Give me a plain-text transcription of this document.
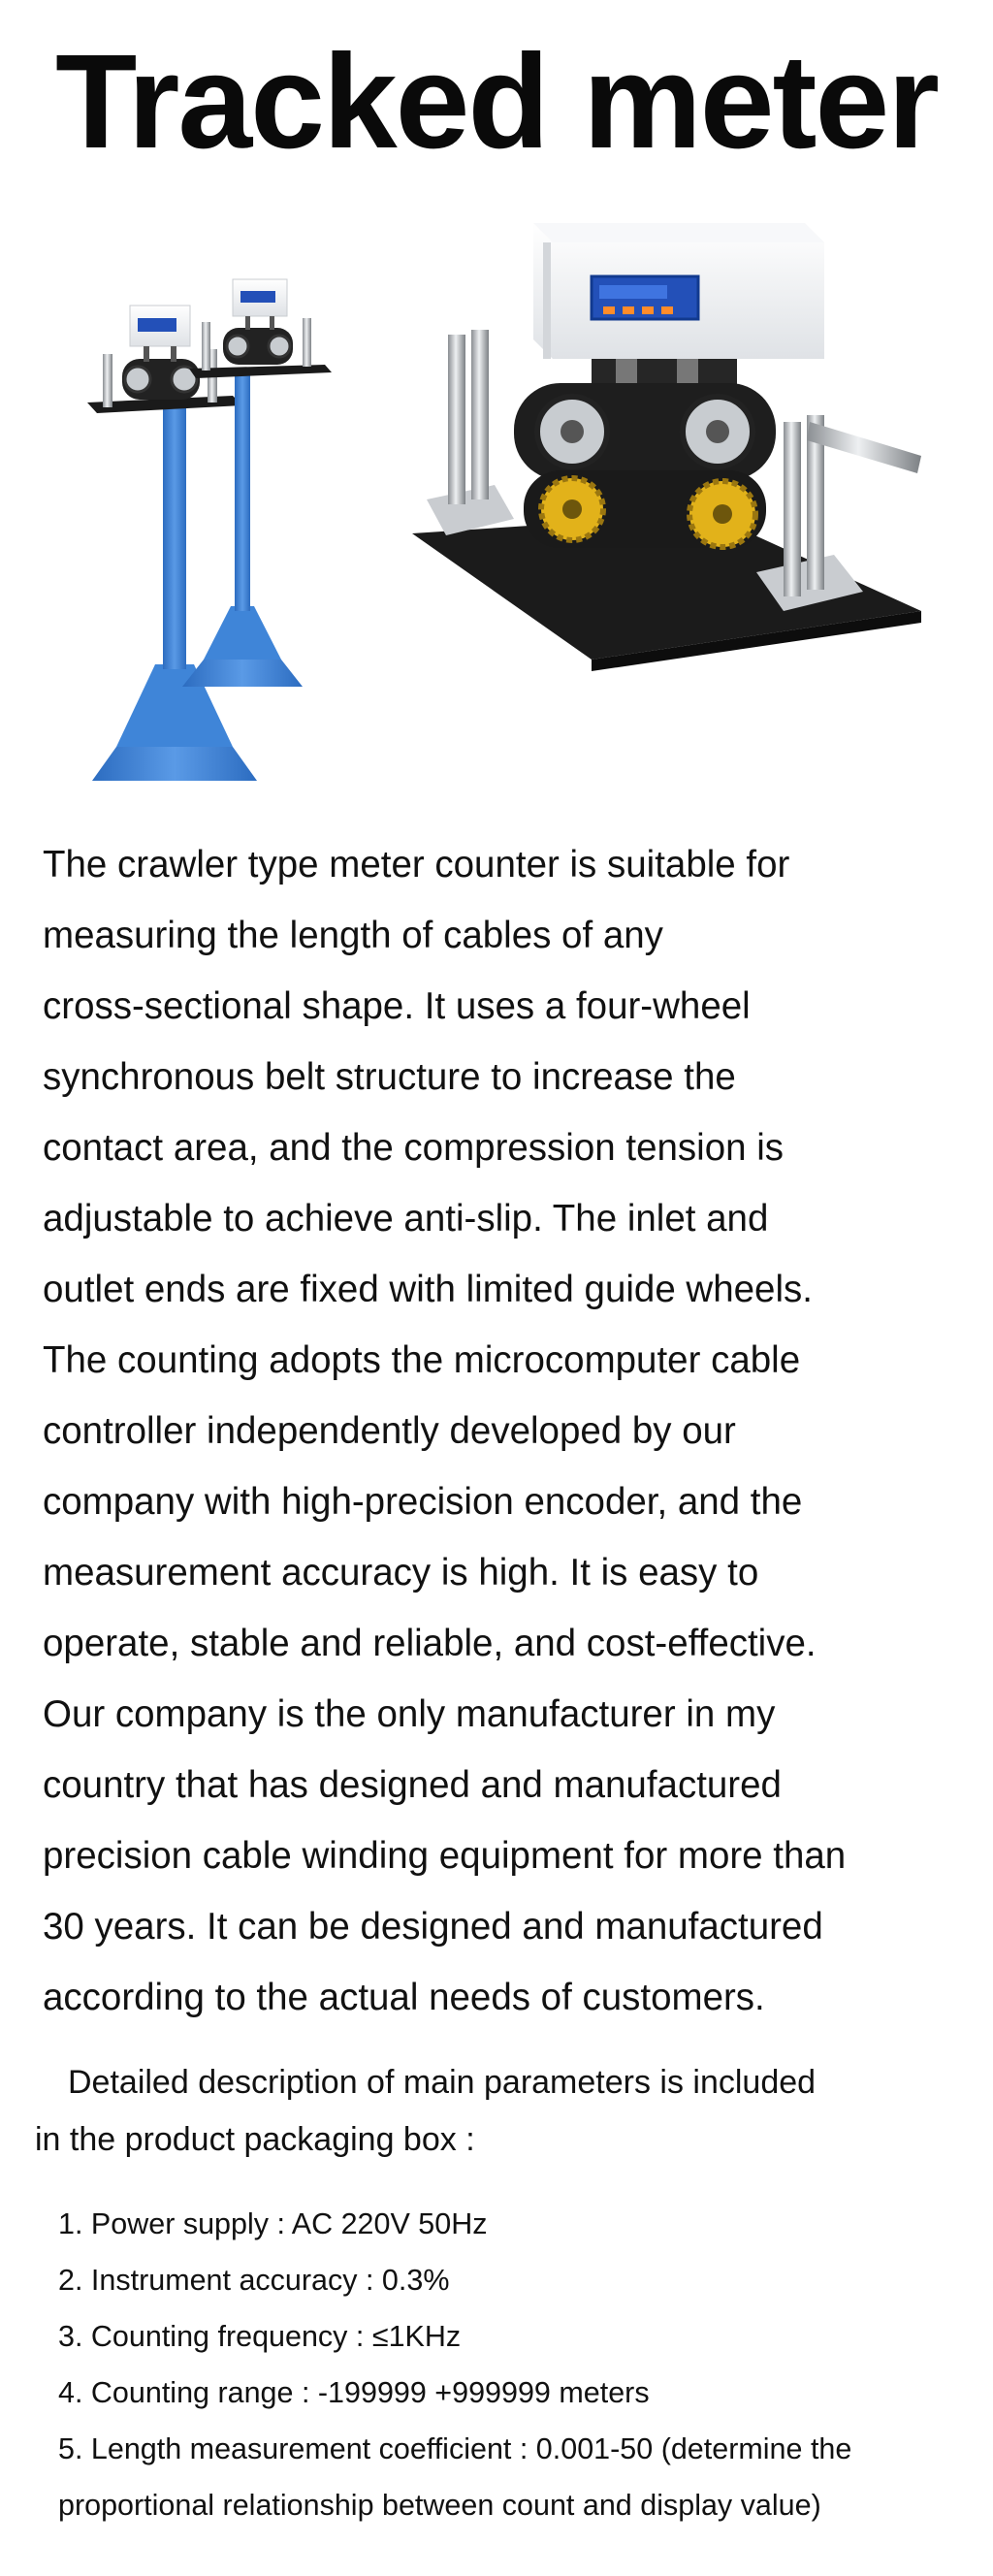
Tracked meter
The crawler type meter counter is suitable for
measuring the length of cables of any
cross-sectional shape. It uses a four-wheel
synchronous belt structure to increase the
contact area, and the compression tension is
adjustable to achieve anti-slip. The inlet and
outlet ends are fixed with limited guide wheels.
The counting adopts the microcomputer cable
controller independently developed by our
company with high-precision encoder, and the
measurement accuracy is high. It is easy to
operate, stable and reliable, and cost-effective.
Our company is the only manufacturer in my
country that has designed and manufactured
precision cable winding equipment for more than
30 years. It can be designed and manufactured
according to the actual needs of customers.
Detailed description of main parameters is included
in the product packaging box :
1. Power supply : AC 220V 50Hz
2. Instrument accuracy : 0.3%
3. Counting frequency : ≤1KHz
4. Counting range : -199999 +999999 meters
5. Length measurement coefficient : 0.001-50 (determine the
proportional relationship between count and display value)
